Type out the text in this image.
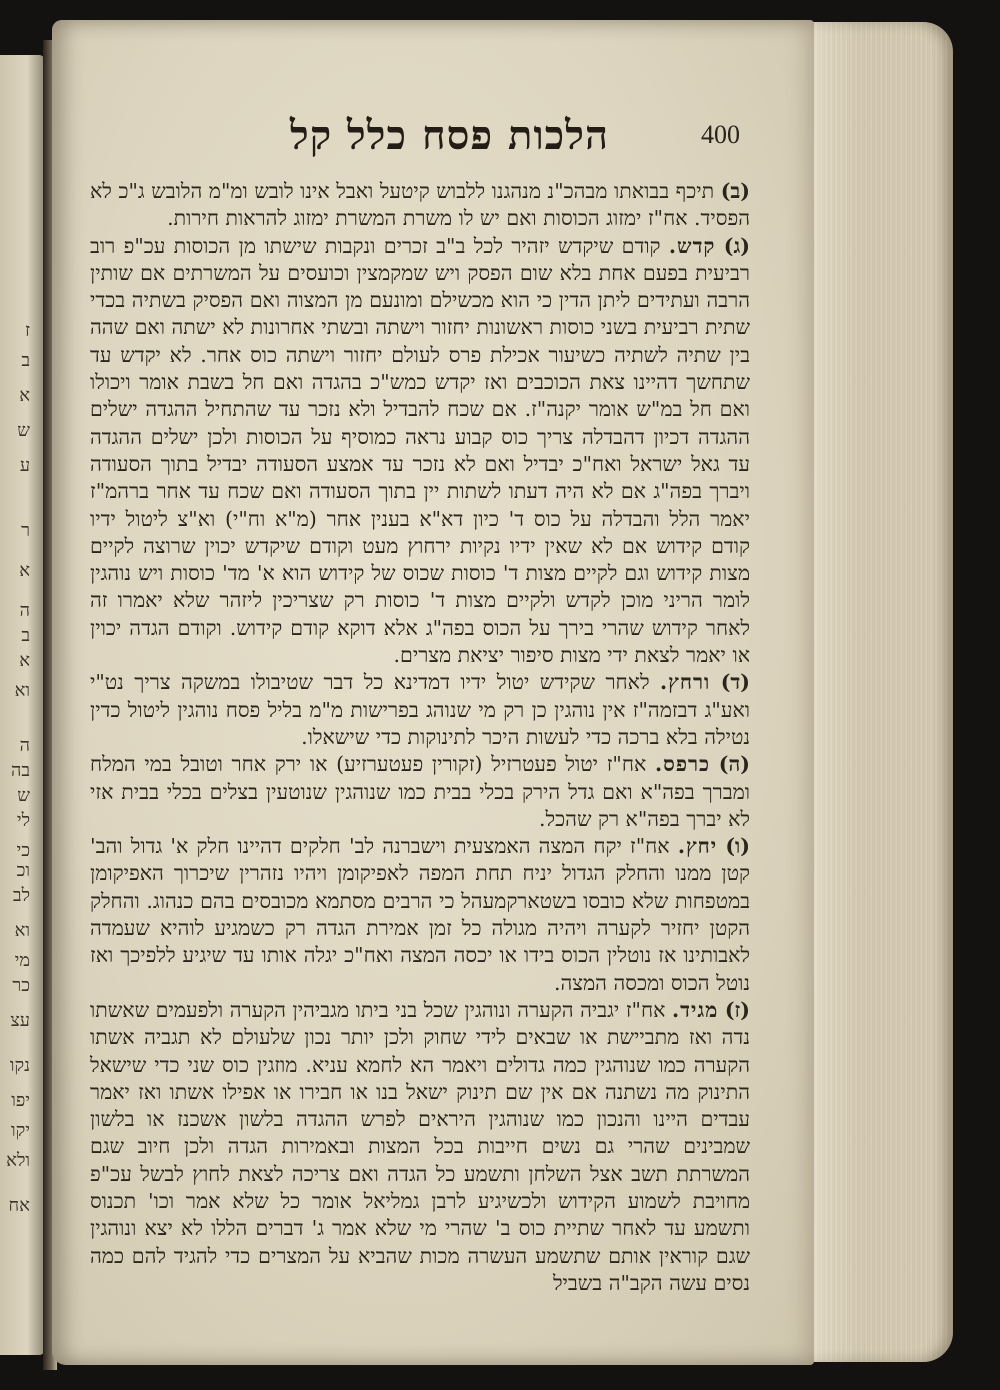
ז
ב
א
ש
ע
ר
א
ה
ב
א
וא
ה
בה
ש
לי
כי
וכ
לב
וא
מי
כר
עצ
נקו
יפו
יקו
ולא
אח
הלכות פסח כלל קל	400

(ב) תיכף בבואתו מבהכ"נ מנהגנו ללבוש קיטעל ואבל אינו לובש ומ"מ הלובש ג"כ לא הפסיד. אח"ז ימזוג הכוסות ואם יש לו משרת המשרת ימזוג להראות חירות.

(ג) קדש. קודם שיקדש יזהיר לכל ב"ב זכרים ונקבות שישתו מן הכוסות עכ"פ רוב רביעית בפעם אחת בלא שום הפסק ויש שמקמצין וכועסים על המשרתים אם שותין הרבה ועתידים ליתן הדין כי הוא מכשילם ומונעם מן המצוה ואם הפסיק בשתיה בכדי שתית רביעית בשני כוסות ראשונות יחזור וישתה ובשתי אחרונות לא ישתה ואם שהה בין שתיה לשתיה כשיעור אכילת פרס לעולם יחזור וישתה כוס אחר. לא יקדש עד שתחשך דהיינו צאת הכוכבים ואז יקדש כמש"כ בהגדה ואם חל בשבת אומר ויכולו ואם חל במ"ש אומר יקנה"ז. אם שכח להבדיל ולא נזכר עד שהתחיל ההגדה ישלים ההגדה דכיון דהבדלה צריך כוס קבוע נראה כמוסיף על הכוסות ולכן ישלים ההגדה עד גאל ישראל ואח"כ יבדיל ואם לא נזכר עד אמצע הסעודה יבדיל בתוך הסעודה ויברך בפה"ג אם לא היה דעתו לשתות יין בתוך הסעודה ואם שכח עד אחר ברהמ"ז יאמר הלל והבדלה על כוס ד' כיון דא"א בענין אחר (מ"א וח"י) וא"צ ליטול ידיו קודם קידוש אם לא שאין ידיו נקיות ירחוץ מעט וקודם שיקדש יכוין שרוצה לקיים מצות קידוש וגם לקיים מצות ד' כוסות שכוס של קידוש הוא א' מד' כוסות ויש נוהגין לומר הריני מוכן לקדש ולקיים מצות ד' כוסות רק שצריכין ליזהר שלא יאמרו זה לאחר קידוש שהרי בירך על הכוס בפה"ג אלא דוקא קודם קידוש. וקודם הגדה יכוין או יאמר לצאת ידי מצות סיפור יציאת מצרים.

(ד) ורחץ. לאחר שקידש יטול ידיו דמדינא כל דבר שטיבולו במשקה צריך נט"י ואע"ג דבזמה"ז אין נוהגין כן רק מי שנוהג בפרישות מ"מ בליל פסח נוהגין ליטול כדין נטילה בלא ברכה כדי לעשות היכר לתינוקות כדי שישאלו.

(ה) כרפס. אח"ז יטול פעטרזיל (זקורין פעטערזיע) או ירק אחר וטובל במי המלח ומברך בפה"א ואם גדל הירק בכלי בבית כמו שנוהגין שנוטעין בצלים בכלי בבית אזי לא יברך בפה"א רק שהכל.

(ו) יחץ. אח"ז יקח המצה האמצעית וישברנה לב' חלקים דהיינו חלק א' גדול והב' קטן ממנו והחלק הגדול יניח תחת המפה לאפיקומן ויהיו נזהרין שיכרוך האפיקומן במטפחות שלא כובסו בשטארקמעהל כי הרבים מסתמא מכובסים בהם כנהוג. והחלק הקטן יחזיר לקערה ויהיה מגולה כל זמן אמירת הגדה רק כשמגיע לוהיא שעמדה לאבותינו אז נוטלין הכוס בידו או יכסה המצה ואח"כ יגלה אותו עד שיגיע ללפיכך ואז נוטל הכוס ומכסה המצה.

(ז) מגיד. אח"ז יגביה הקערה ונוהגין שכל בני ביתו מגביהין הקערה ולפעמים שאשתו נדה ואז מתביישת או שבאים לידי שחוק ולכן יותר נכון שלעולם לא תגביה אשתו הקערה כמו שנוהגין כמה גדולים ויאמר הא לחמא עניא. מוזגין כוס שני כדי שישאל התינוק מה נשתנה אם אין שם תינוק ישאל בנו או חבירו או אפילו אשתו ואז יאמר עבדים היינו והנכון כמו שנוהגין היראים לפרש ההגדה בלשון אשכנז או בלשון שמבינים שהרי גם נשים חייבות בכל המצות ובאמירות הגדה ולכן חיוב שגם המשרתת תשב אצל השלחן ותשמע כל הגדה ואם צריכה לצאת לחוץ לבשל עכ"פ מחויבת לשמוע הקידוש ולכשיגיע לרבן גמליאל אומר כל שלא אמר וכו' תכנוס ותשמע עד לאחר שתיית כוס ב' שהרי מי שלא אמר ג' דברים הללו לא יצא ונוהגין שגם קוראין אותם שתשמע העשרה מכות שהביא על המצרים כדי להגיד להם כמה נסים עשה הקב"ה בשביל
